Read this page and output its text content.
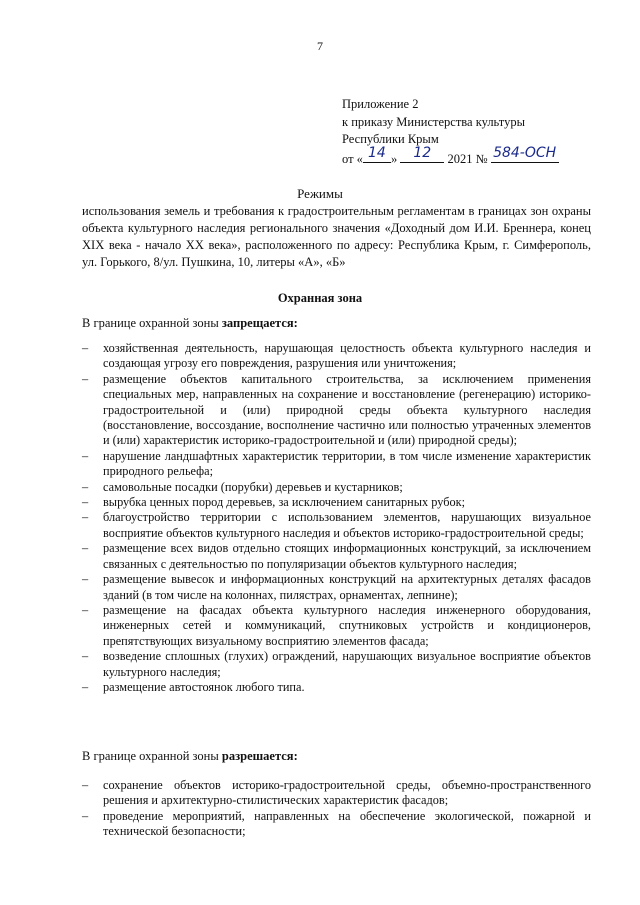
7
Приложение 2
к приказу Министерства культуры
Республики Крым
от « 14 »	12	2021 № 584-ОСН
Режимы
использования земель и требования к градостроительным регламентам в границах зон охраны объекта культурного наследия регионального значения «Доходный дом И.И. Бреннера, конец XIX века - начало XX века», расположенного по адресу: Республика Крым, г. Симферополь, ул. Горького, 8/ул. Пушкина, 10, литеры «А», «Б»
Охранная зона
В границе охранной зоны запрещается:
– хозяйственная деятельность, нарушающая целостность объекта культурного наследия и создающая угрозу его повреждения, разрушения или уничтожения;
– размещение объектов капитального строительства, за исключением применения специальных мер, направленных на сохранение и восстановление (регенерацию) историко-градостроительной и (или) природной среды объекта культурного наследия (восстановление, воссоздание, восполнение частично или полностью утраченных элементов и (или) характеристик историко-градостроительной и (или) природной среды);
– нарушение ландшафтных характеристик территории, в том числе изменение характеристик природного рельефа;
– самовольные посадки (порубки) деревьев и кустарников;
– вырубка ценных пород деревьев, за исключением санитарных рубок;
– благоустройство территории с использованием элементов, нарушающих визуальное восприятие объектов культурного наследия и объектов историко-градостроительной среды;
– размещение всех видов отдельно стоящих информационных конструкций, за исключением связанных с деятельностью по популяризации объектов культурного наследия;
– размещение вывесок и информационных конструкций на архитектурных деталях фасадов зданий (в том числе на колоннах, пилястрах, орнаментах, лепнине);
– размещение на фасадах объекта культурного наследия инженерного оборудования, инженерных сетей и коммуникаций, спутниковых устройств и кондиционеров, препятствующих визуальному восприятию элементов фасада;
– возведение сплошных (глухих) ограждений, нарушающих визуальное восприятие объектов культурного наследия;
– размещение автостоянок любого типа.
В границе охранной зоны разрешается:
– сохранение объектов историко-градостроительной среды, объемно-пространственного решения и архитектурно-стилистических характеристик фасадов;
– проведение мероприятий, направленных на обеспечение экологической, пожарной и технической безопасности;
